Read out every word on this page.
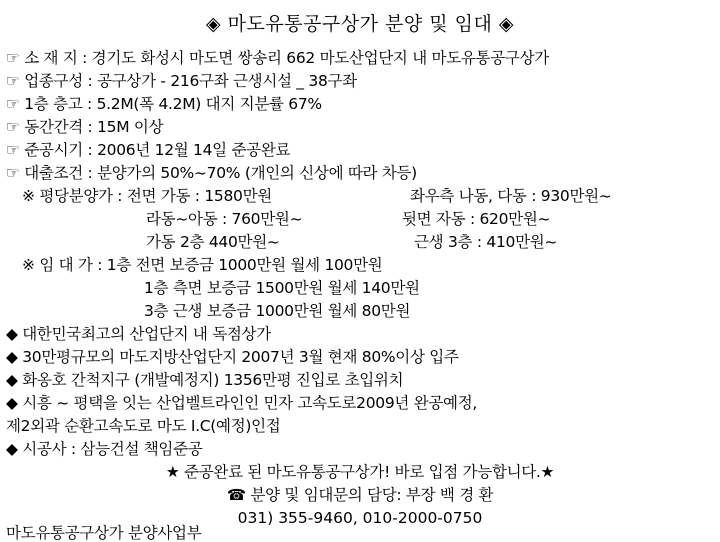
◈ 마도유통공구상가 분양 및 임대 ◈
☞ 소 재 지 : 경기도 화성시 마도면 쌍송리 662 마도산업단지 내 마도유통공구상가
☞ 업종구성 : 공구상가 - 216구좌 근생시설 _ 38구좌
☞ 1층 층고 : 5.2M(폭 4.2M) 대지 지분률 67%
☞ 동간간격 : 15M 이상
☞ 준공시기 : 2006년 12월 14일 준공완료
☞ 대출조건 : 분양가의 50%~70% (개인의 신상에 따라 차등)
※ 평당분양가 : 전면 가동 : 1580만원	좌우측 나동, 다동 : 930만원~
라동~아동 : 760만원~	뒷면 자동 : 620만원~
가동 2층 440만원~	근생 3층 : 410만원~
※ 임 대 가 : 1층 전면 보증금 1000만원 월세 100만원
1층 측면 보증금 1500만원 월세 140만원
3층 근생 보증금 1000만원 월세 80만원
◆ 대한민국최고의 산업단지 내 독점상가
◆ 30만평규모의 마도지방산업단지 2007년 3월 현재 80%이상 입주
◆ 화옹호 간척지구 (개발예정지) 1356만평 진입로 초입위치
◆ 시흥 ~ 평택을 잇는 산업벨트라인인 민자 고속도로2009년 완공예정,
제2외곽 순환고속도로 마도 I.C(예정)인접
◆ 시공사 : 삼능건설 책임준공
★ 준공완료 된 마도유통공구상가! 바로 입점 가능합니다.★
☎ 분양 및 임대문의 담당: 부장 백 경 환
031) 355-9460, 010-2000-0750
마도유통공구상가 분양사업부
